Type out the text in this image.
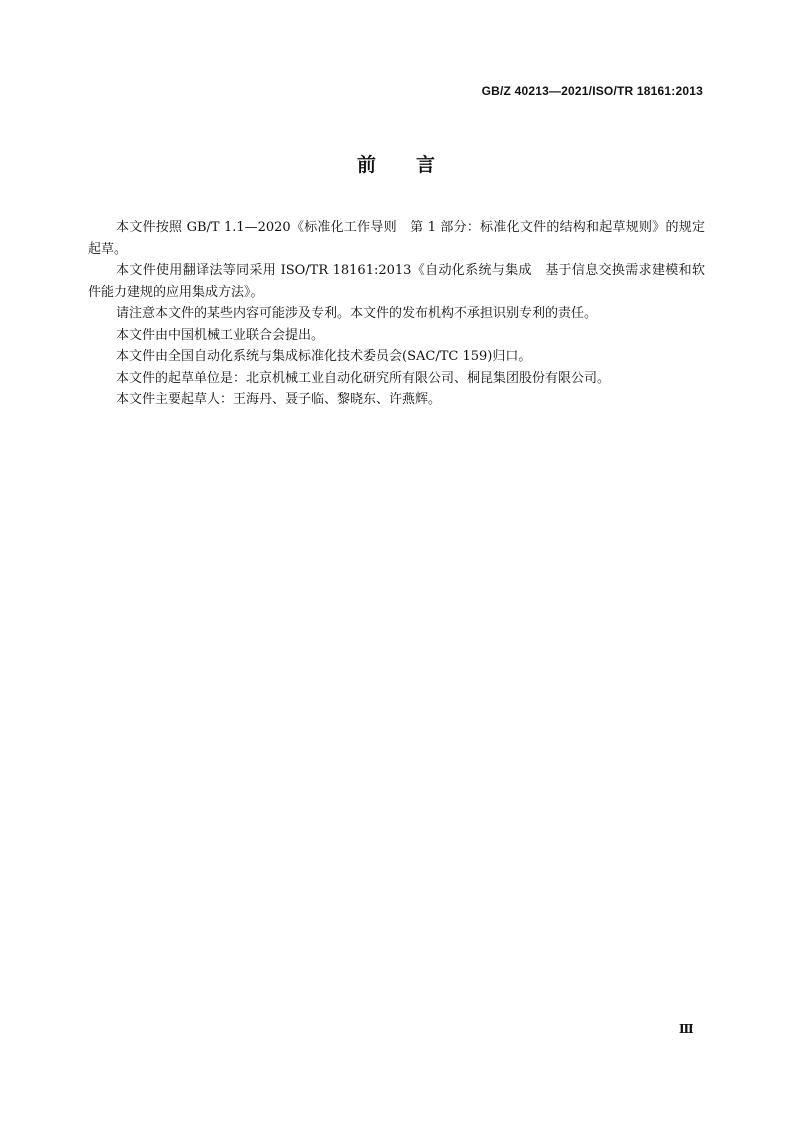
GB/Z 40213—2021/ISO/TR 18161:2013
前 言

本文件按照 GB/T 1.1—2020《标准化工作导则　第 1 部分：标准化文件的结构和起草规则》的规定起草。

本文件使用翻译法等同采用 ISO/TR 18161:2013《自动化系统与集成　基于信息交换需求建模和软件能力建规的应用集成方法》。

请注意本文件的某些内容可能涉及专利。本文件的发布机构不承担识别专利的责任。

本文件由中国机械工业联合会提出。

本文件由全国自动化系统与集成标准化技术委员会(SAC/TC 159)归口。

本文件的起草单位是：北京机械工业自动化研究所有限公司、桐昆集团股份有限公司。

本文件主要起草人：王海丹、聂子临、黎晓东、许燕辉。

Ⅲ
